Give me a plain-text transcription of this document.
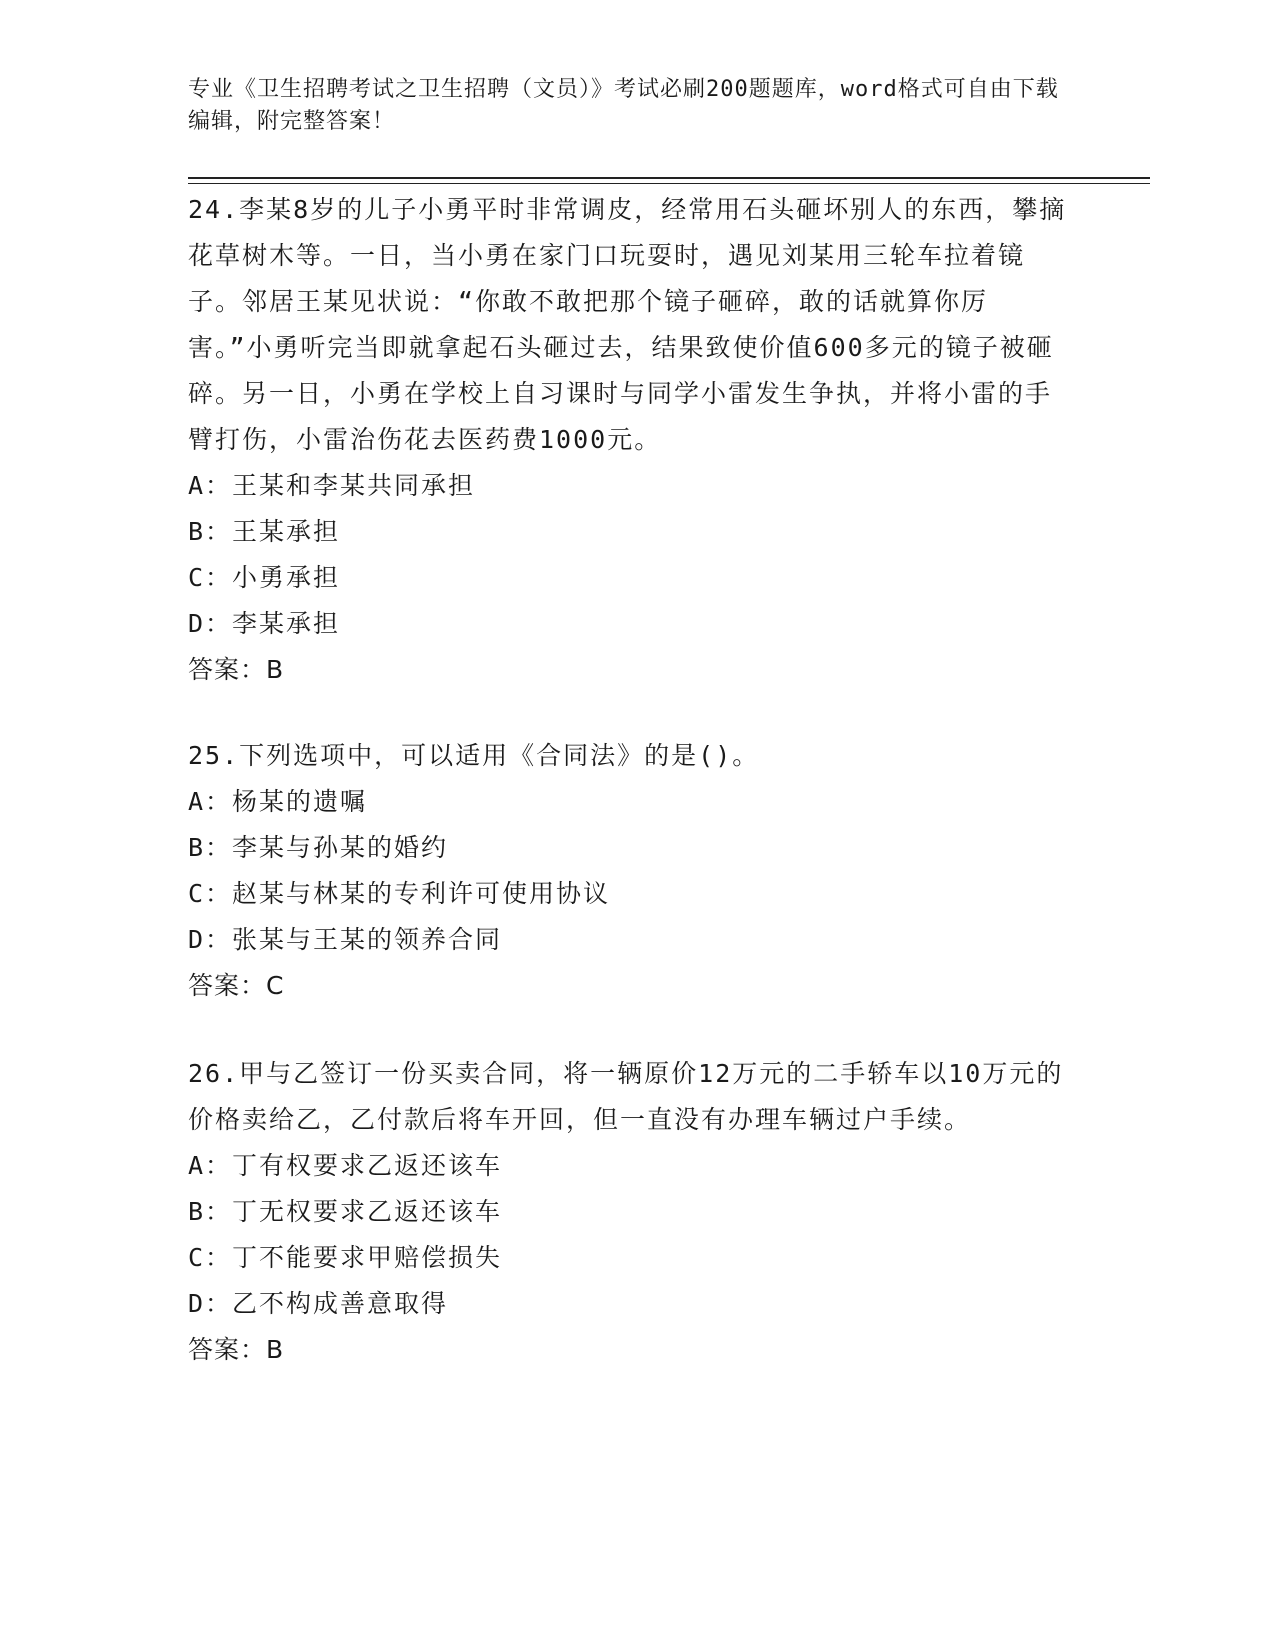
专业《卫生招聘考试之卫生招聘（文员）》考试必刷200题题库，word格式可自由下载编辑，附完整答案！

24.李某8岁的儿子小勇平时非常调皮，经常用石头砸坏别人的东西，攀摘花草树木等。一日，当小勇在家门口玩耍时，遇见刘某用三轮车拉着镜子。邻居王某见状说：“你敢不敢把那个镜子砸碎，敢的话就算你厉害。”小勇听完当即就拿起石头砸过去，结果致使价值600多元的镜子被砸碎。另一日，小勇在学校上自习课时与同学小雷发生争执，并将小雷的手臂打伤，小雷治伤花去医药费1000元。

A：王某和李某共同承担

B：王某承担

C：小勇承担

D：李某承担

答案：B

25.下列选项中，可以适用《合同法》的是()。

A：杨某的遗嘱

B：李某与孙某的婚约

C：赵某与林某的专利许可使用协议

D：张某与王某的领养合同

答案：C

26.甲与乙签订一份买卖合同，将一辆原价12万元的二手轿车以10万元的价格卖给乙，乙付款后将车开回，但一直没有办理车辆过户手续。

A：丁有权要求乙返还该车

B：丁无权要求乙返还该车

C：丁不能要求甲赔偿损失

D：乙不构成善意取得

答案：B
